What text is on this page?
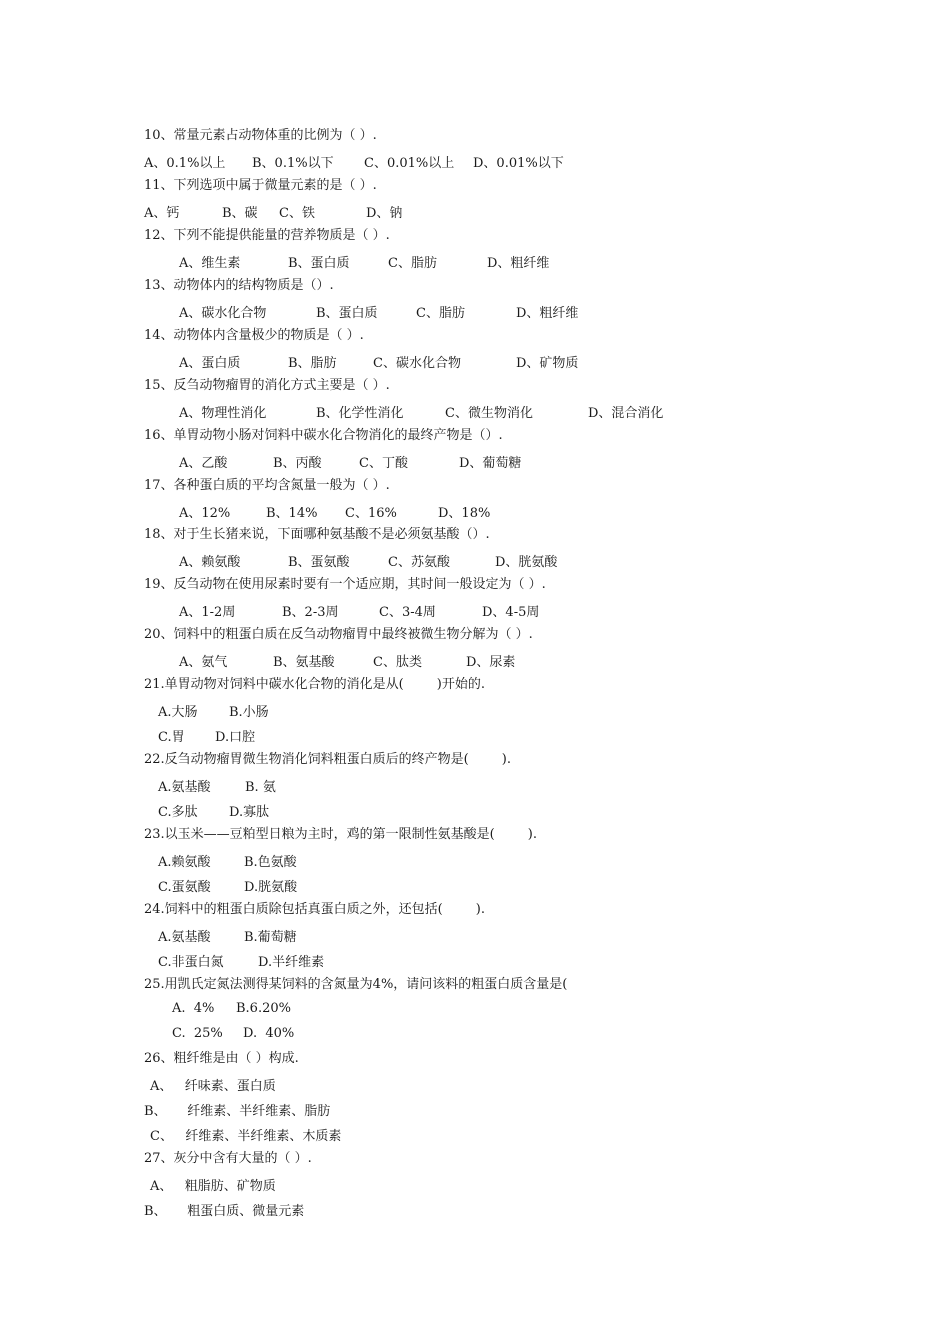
10、常量元素占动物体重的比例为（ ）.
A、0.1%以上 B、0.1%以下 C、0.01%以上 D、0.01%以下
11、下列选项中属于微量元素的是（ ）.
A、钙	B、碳 C、铁	D、钠
12、下列不能提供能量的营养物质是（ ）.
A、维生素	B、蛋白质	C、脂肪	D、粗纤维
13、动物体内的结构物质是（）.
A、碳水化合物	B、蛋白质	C、脂肪	D、粗纤维
14、动物体内含量极少的物质是（ ）.
A、蛋白质	B、脂肪	C、碳水化合物	D、矿物质
15、反刍动物瘤胃的消化方式主要是（ ）.
A、物理性消化	B、化学性消化	C、微生物消化	D、混合消化
16、单胃动物小肠对饲料中碳水化合物消化的最终产物是（）.
A、乙酸	B、丙酸	C、丁酸	D、葡萄糖
17、各种蛋白质的平均含氮量一般为（ ）.
A、12%	B、14% C、16%	D、18%
18、对于生长猪来说，下面哪种氨基酸不是必须氨基酸（）.
A、赖氨酸	B、蛋氨酸	C、苏氨酸	D、胱氨酸
19、反刍动物在使用尿素时要有一个适应期，其时间一般设定为（ ）.
A、1-2周	B、2-3周	C、3-4周	D、4-5周
20、饲料中的粗蛋白质在反刍动物瘤胃中最终被微生物分解为（ ）.
A、氨气	B、氨基酸	C、肽类	D、尿素
21.单胃动物对饲料中碳水化合物的消化是从(        )开始的.
A.大肠 B.小肠
C.胃 D.口腔
22.反刍动物瘤胃微生物消化饲料粗蛋白质后的终产物是(        ).
A.氨基酸	B. 氨
C.多肽 D.寡肽
23.以玉米——豆粕型日粮为主时，鸡的第一限制性氨基酸是(        ).
A.赖氨酸	B.色氨酸
C.蛋氨酸	D.胱氨酸
24.饲料中的粗蛋白质除包括真蛋白质之外，还包括(        ).
A.氨基酸	B.葡萄糖
C.非蛋白氮	D.半纤维素
25.用凯氏定氮法测得某饲料的含氮量为4%，请问该料的粗蛋白质含量是(
A.  4% B.6.20%
C.  25% D.  40%
26、粗纤维是由（ ）构成.
A、   纤味素、蛋白质
B、     纤维素、半纤维素、脂肪
C、   纤维素、半纤维素、木质素
27、灰分中含有大量的（ ）.
A、   粗脂肪、矿物质
B、     粗蛋白质、微量元素
